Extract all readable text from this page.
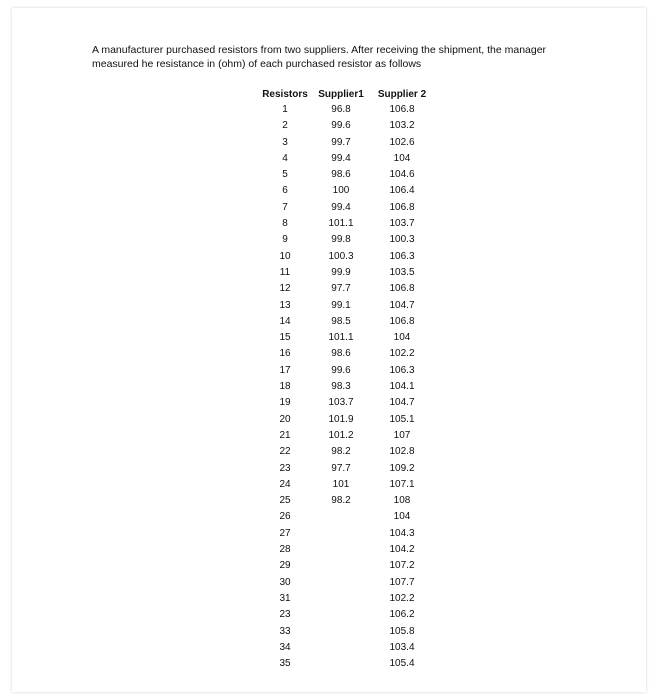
A manufacturer purchased resistors from two suppliers. After receiving the shipment, the manager

measured he resistance in (ohm) of each purchased resistor as follows

Resistors	Supplier1	Supplier 2
1	96.8	106.8
2	99.6	103.2
3	99.7	102.6
4	99.4	104
5	98.6	104.6
6	100	106.4
7	99.4	106.8
8	101.1	103.7
9	99.8	100.3
10	100.3	106.3
11	99.9	103.5
12	97.7	106.8
13	99.1	104.7
14	98.5	106.8
15	101.1	104
16	98.6	102.2
17	99.6	106.3
18	98.3	104.1
19	103.7	104.7
20	101.9	105.1
21	101.2	107
22	98.2	102.8
23	97.7	109.2
24	101	107.1
25	98.2	108
26		104
27		104.3
28		104.2
29		107.2
30		107.7
31		102.2
23		106.2
33		105.8
34		103.4
35		105.4
